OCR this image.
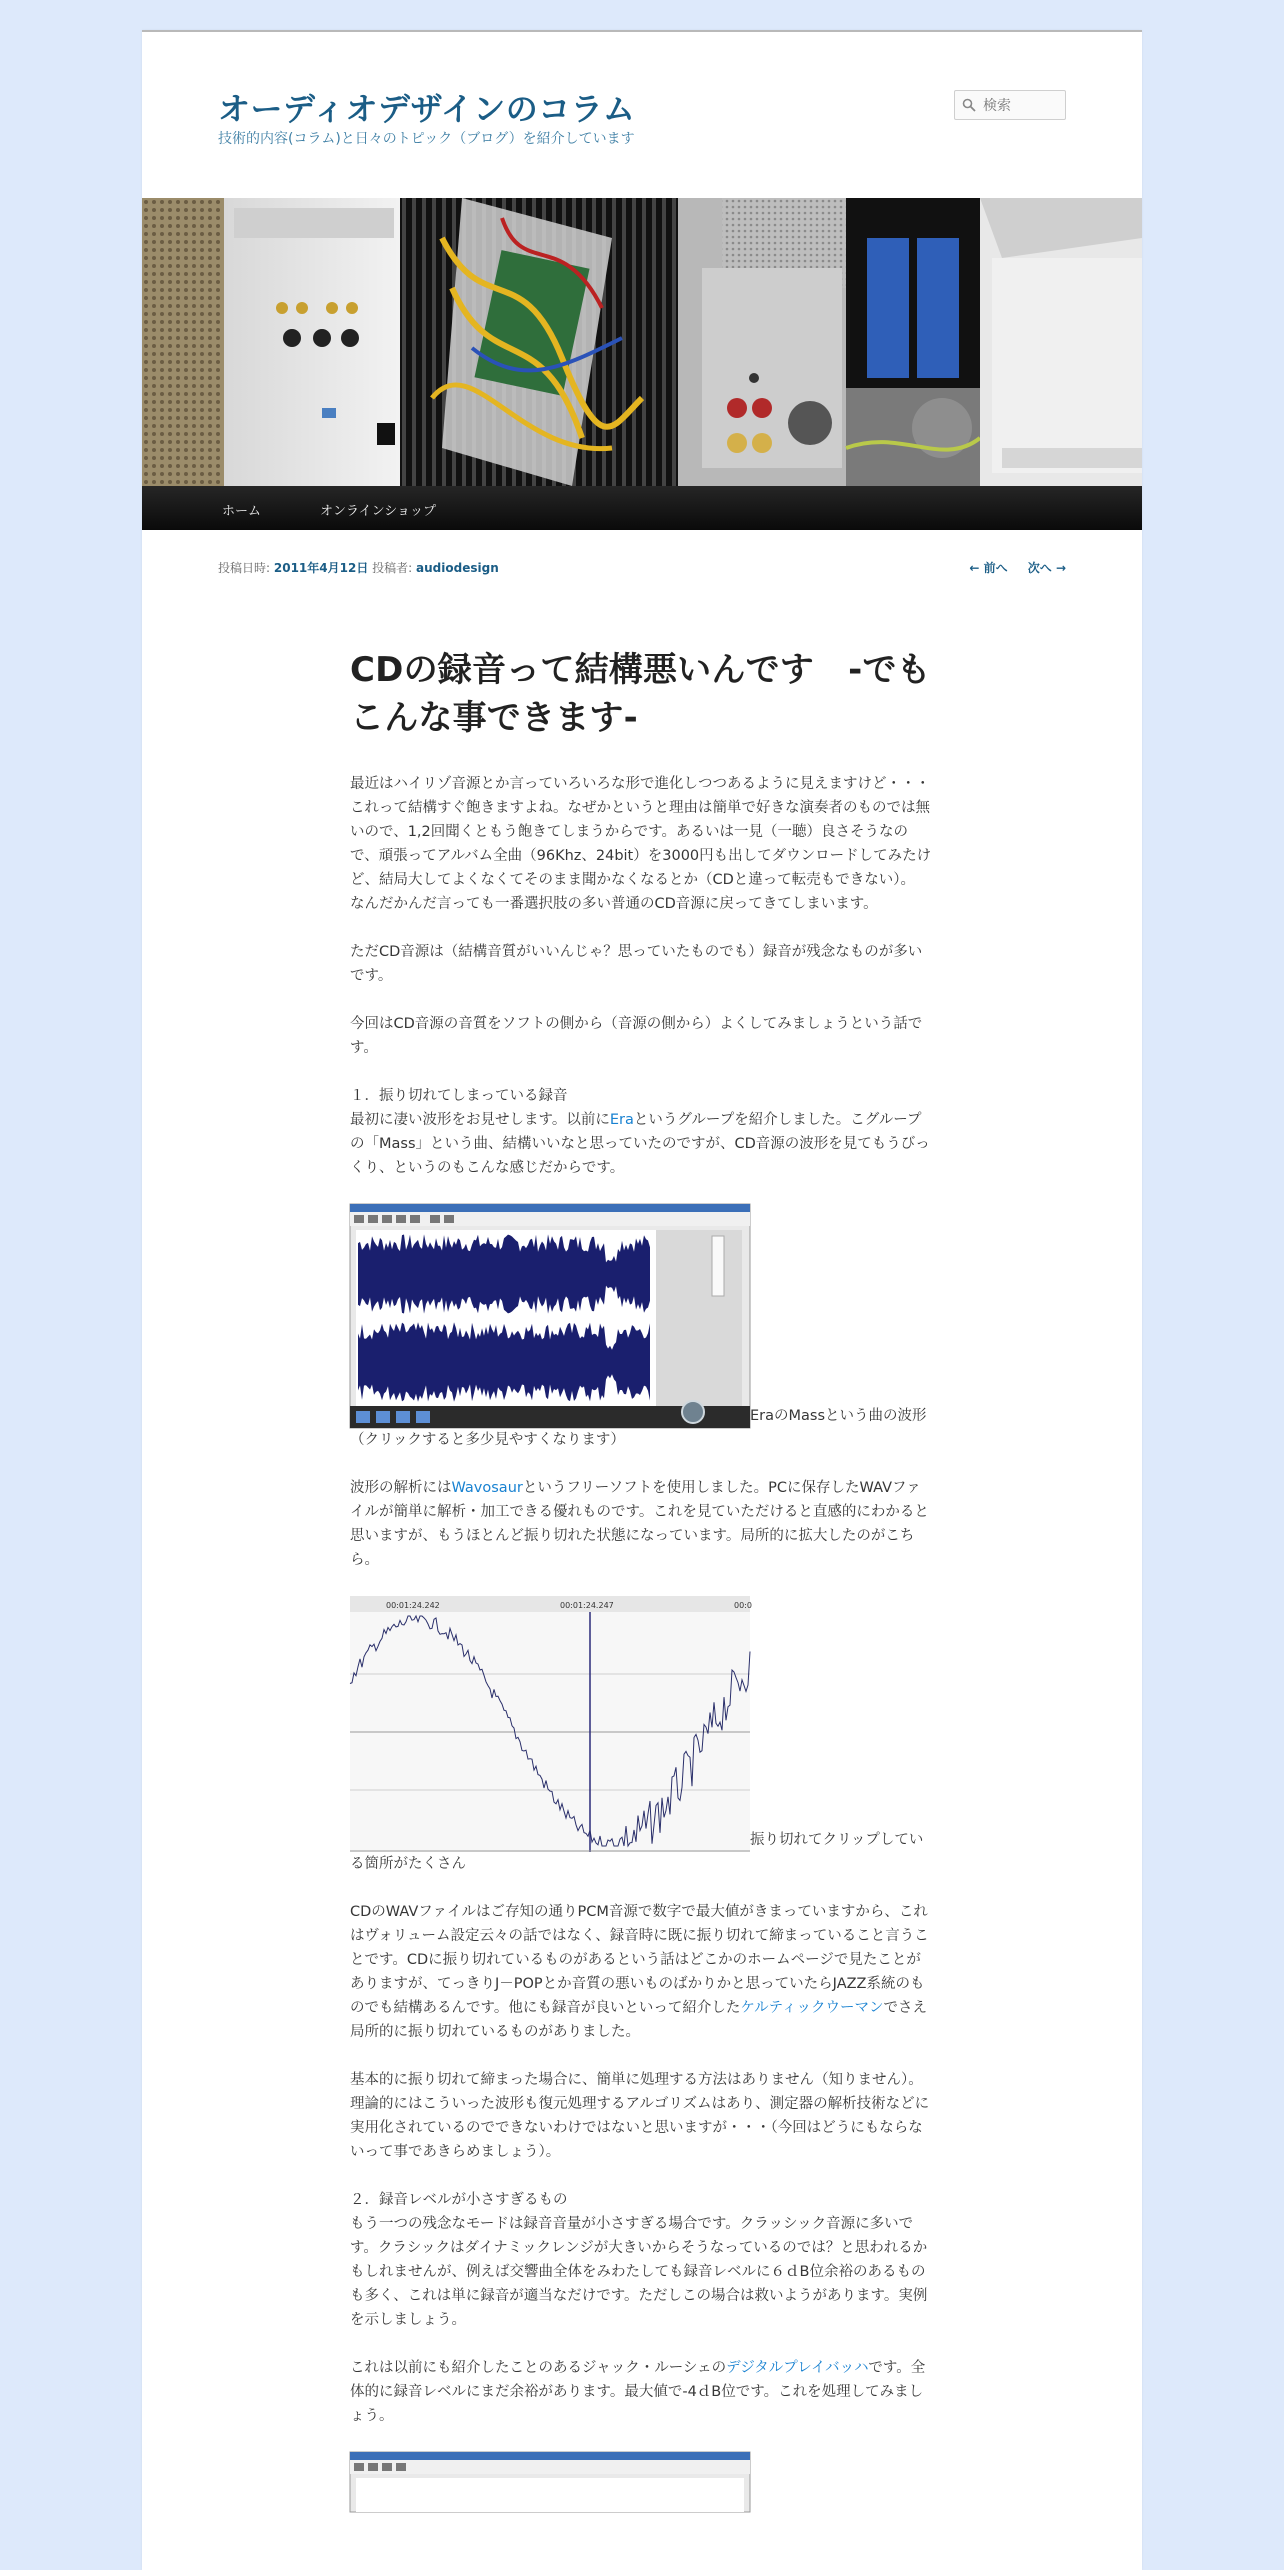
オーディオデザインのコラム
技術的内容(コラム)と日々のトピック（ブログ）を紹介しています
検索
ホーム	オンラインショップ
投稿日時: 2011年4月12日 投稿者: audiodesign	← 前へ 次へ →
CDの録音って結構悪いんです　-でもこんな事できます-

最近はハイリゾ音源とか言っていろいろな形で進化しつつあるように見えますけど・・・これって結構すぐ飽きますよね。なぜかというと理由は簡単で好きな演奏者のものでは無いので、1,2回聞くともう飽きてしまうからです。あるいは一見（一聴）良さそうなので、頑張ってアルバム全曲（96Khz、24bit）を3000円も出してダウンロードしてみたけど、結局大してよくなくてそのまま聞かなくなるとか（CDと違って転売もできない）。
なんだかんだ言っても一番選択肢の多い普通のCD音源に戻ってきてしまいます。

ただCD音源は（結構音質がいいんじゃ？思っていたものでも）録音が残念なものが多いです。

今回はCD音源の音質をソフトの側から（音源の側から）よくしてみましょうという話です。

１．振り切れてしまっている録音
最初に凄い波形をお見せします。以前にEraというグループを紹介しました。こグループの「Mass」という曲、結構いいなと思っていたのですが、CD音源の波形を見てもうびっくり、というのもこんな感じだからです。

EraのMassという曲の波形（クリックすると多少見やすくなります）

波形の解析にはWavosaurというフリーソフトを使用しました。PCに保存したWAVファイルが簡単に解析・加工できる優れものです。これを見ていただけると直感的にわかると思いますが、もうほとんど振り切れた状態になっています。局所的に拡大したのがこちら。

00:01:24.242	00:01:24.247	00:0
振り切れてクリップしている箇所がたくさん

CDのWAVファイルはご存知の通りPCM音源で数字で最大値がきまっていますから、これはヴォリューム設定云々の話ではなく、録音時に既に振り切れて締まっていること言うことです。CDに振り切れているものがあるという話はどこかのホームページで見たことがありますが、てっきりJ－POPとか音質の悪いものばかりかと思っていたらJAZZ系統のものでも結構あるんです。他にも録音が良いといって紹介したケルティックウーマンでさえ局所的に振り切れているものがありました。

基本的に振り切れて締まった場合に、簡単に処理する方法はありません（知りません）。理論的にはこういった波形も復元処理するアルゴリズムはあり、測定器の解析技術などに実用化されているのでできないわけではないと思いますが・・・（今回はどうにもならないって事であきらめましょう）。

２．録音レベルが小さすぎるもの
もう一つの残念なモードは録音音量が小さすぎる場合です。クラッシック音源に多いです。クラシックはダイナミックレンジが大きいからそうなっているのでは？と思われるかもしれませんが、例えば交響曲全体をみわたしても録音レベルに６ｄB位余裕のあるものも多く、これは単に録音が適当なだけです。ただしこの場合は救いようがあります。実例を示しましょう。

これは以前にも紹介したことのあるジャック・ルーシェのデジタルプレイバッハです。全体的に録音レベルにまだ余裕があります。最大値で-4ｄB位です。これを処理してみましょう。
